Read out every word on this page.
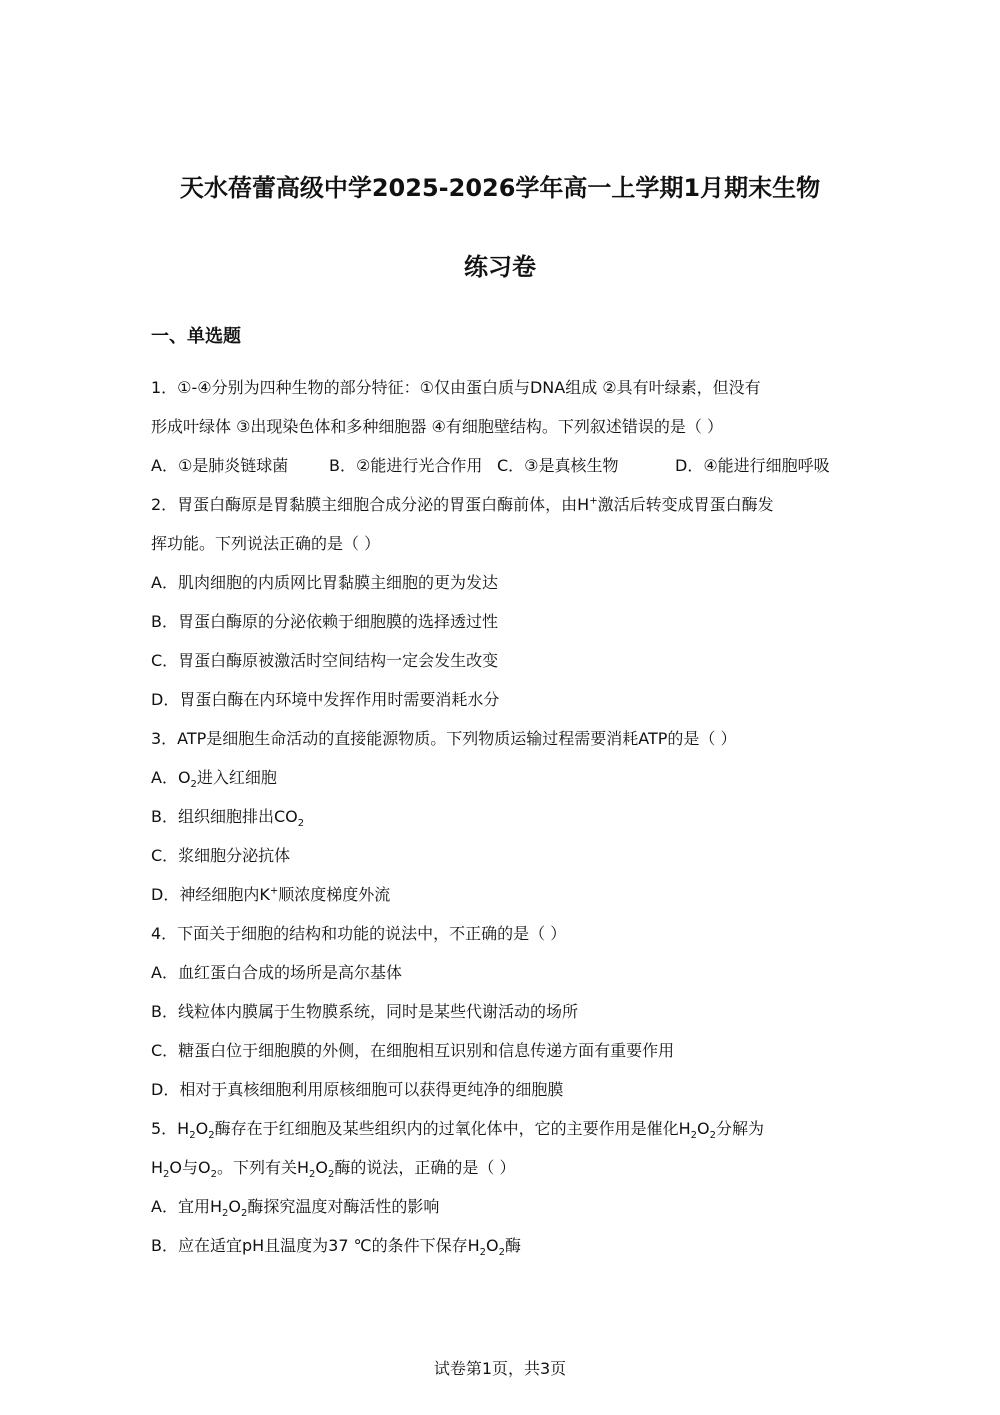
天水蓓蕾高级中学2025-2026学年高一上学期1月期末生物
练习卷
一、单选题
1．①-④分别为四种生物的部分特征：①仅由蛋白质与DNA组成 ②具有叶绿素，但没有
形成叶绿体 ③出现染色体和多种细胞器 ④有细胞壁结构。下列叙述错误的是（ ）
A．①是肺炎链球菌	B．②能进行光合作用 C．③是真核生物	D．④能进行细胞呼吸
2．胃蛋白酶原是胃黏膜主细胞合成分泌的胃蛋白酶前体，由H+激活后转变成胃蛋白酶发
挥功能。下列说法正确的是（ ）
A．肌肉细胞的内质网比胃黏膜主细胞的更为发达
B．胃蛋白酶原的分泌依赖于细胞膜的选择透过性
C．胃蛋白酶原被激活时空间结构一定会发生改变
D．胃蛋白酶在内环境中发挥作用时需要消耗水分
3．ATP是细胞生命活动的直接能源物质。下列物质运输过程需要消耗ATP的是（ ）
A．$O_2$进入红细胞
B．组织细胞排出$CO_2$
C．浆细胞分泌抗体
D．神经细胞内K+顺浓度梯度外流
4．下面关于细胞的结构和功能的说法中，不正确的是（ ）
A．血红蛋白合成的场所是高尔基体
B．线粒体内膜属于生物膜系统，同时是某些代谢活动的场所
C．糖蛋白位于细胞膜的外侧，在细胞相互识别和信息传递方面有重要作用
D．相对于真核细胞利用原核细胞可以获得更纯净的细胞膜
5．$H_2O_2$酶存在于红细胞及某些组织内的过氧化体中，它的主要作用是催化$H_2O_2$分解为
$H_2O$与$O_2$。下列有关$H_2O_2$酶的说法，正确的是（ ）
A．宜用$H_2O_2$酶探究温度对酶活性的影响
B．应在适宜pH且温度为37 ℃的条件下保存$H_2O_2$酶
试卷第1页，共3页
